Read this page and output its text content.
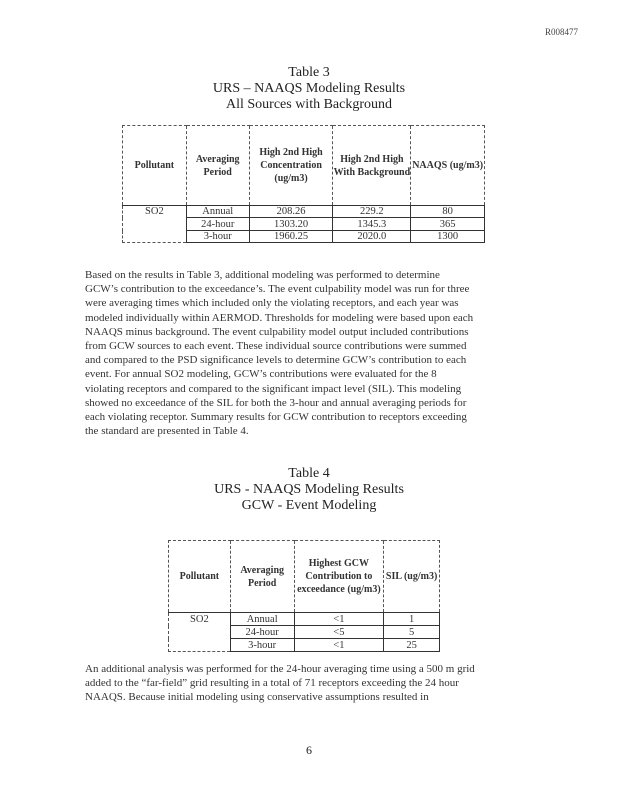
R008477
Table 3
URS – NAAQS Modeling Results
All Sources with Background
Pollutant	Averaging Period	High 2nd High Concentration (ug/m3)	High 2nd High With Background	NAAQS (ug/m3)
SO2	Annual	208.26	229.2	80
	24-hour	1303.20	1345.3	365
	3-hour	1960.25	2020.0	1300
Based on the results in Table 3, additional modeling was performed to determine
GCW’s contribution to the exceedance’s. The event culpability model was run for three
were averaging times which included only the violating receptors, and each year was
modeled individually within AERMOD. Thresholds for modeling were based upon each
NAAQS minus background. The event culpability model output included contributions
from GCW sources to each event. These individual source contributions were summed
and compared to the PSD significance levels to determine GCW’s contribution to each
event. For annual SO2 modeling, GCW’s contributions were evaluated for the 8
violating receptors and compared to the significant impact level (SIL). This modeling
showed no exceedance of the SIL for both the 3-hour and annual averaging periods for
each violating receptor. Summary results for GCW contribution to receptors exceeding
the standard are presented in Table 4.
Table 4
URS - NAAQS Modeling Results
GCW - Event Modeling
Pollutant	Averaging Period	Highest GCW Contribution to exceedance (ug/m3)	SIL (ug/m3)
SO2	Annual	<1	1
	24-hour	<5	5
	3-hour	<1	25
An additional analysis was performed for the 24-hour averaging time using a 500 m grid
added to the “far-field” grid resulting in a total of 71 receptors exceeding the 24 hour
NAAQS. Because initial modeling using conservative assumptions resulted in
6
